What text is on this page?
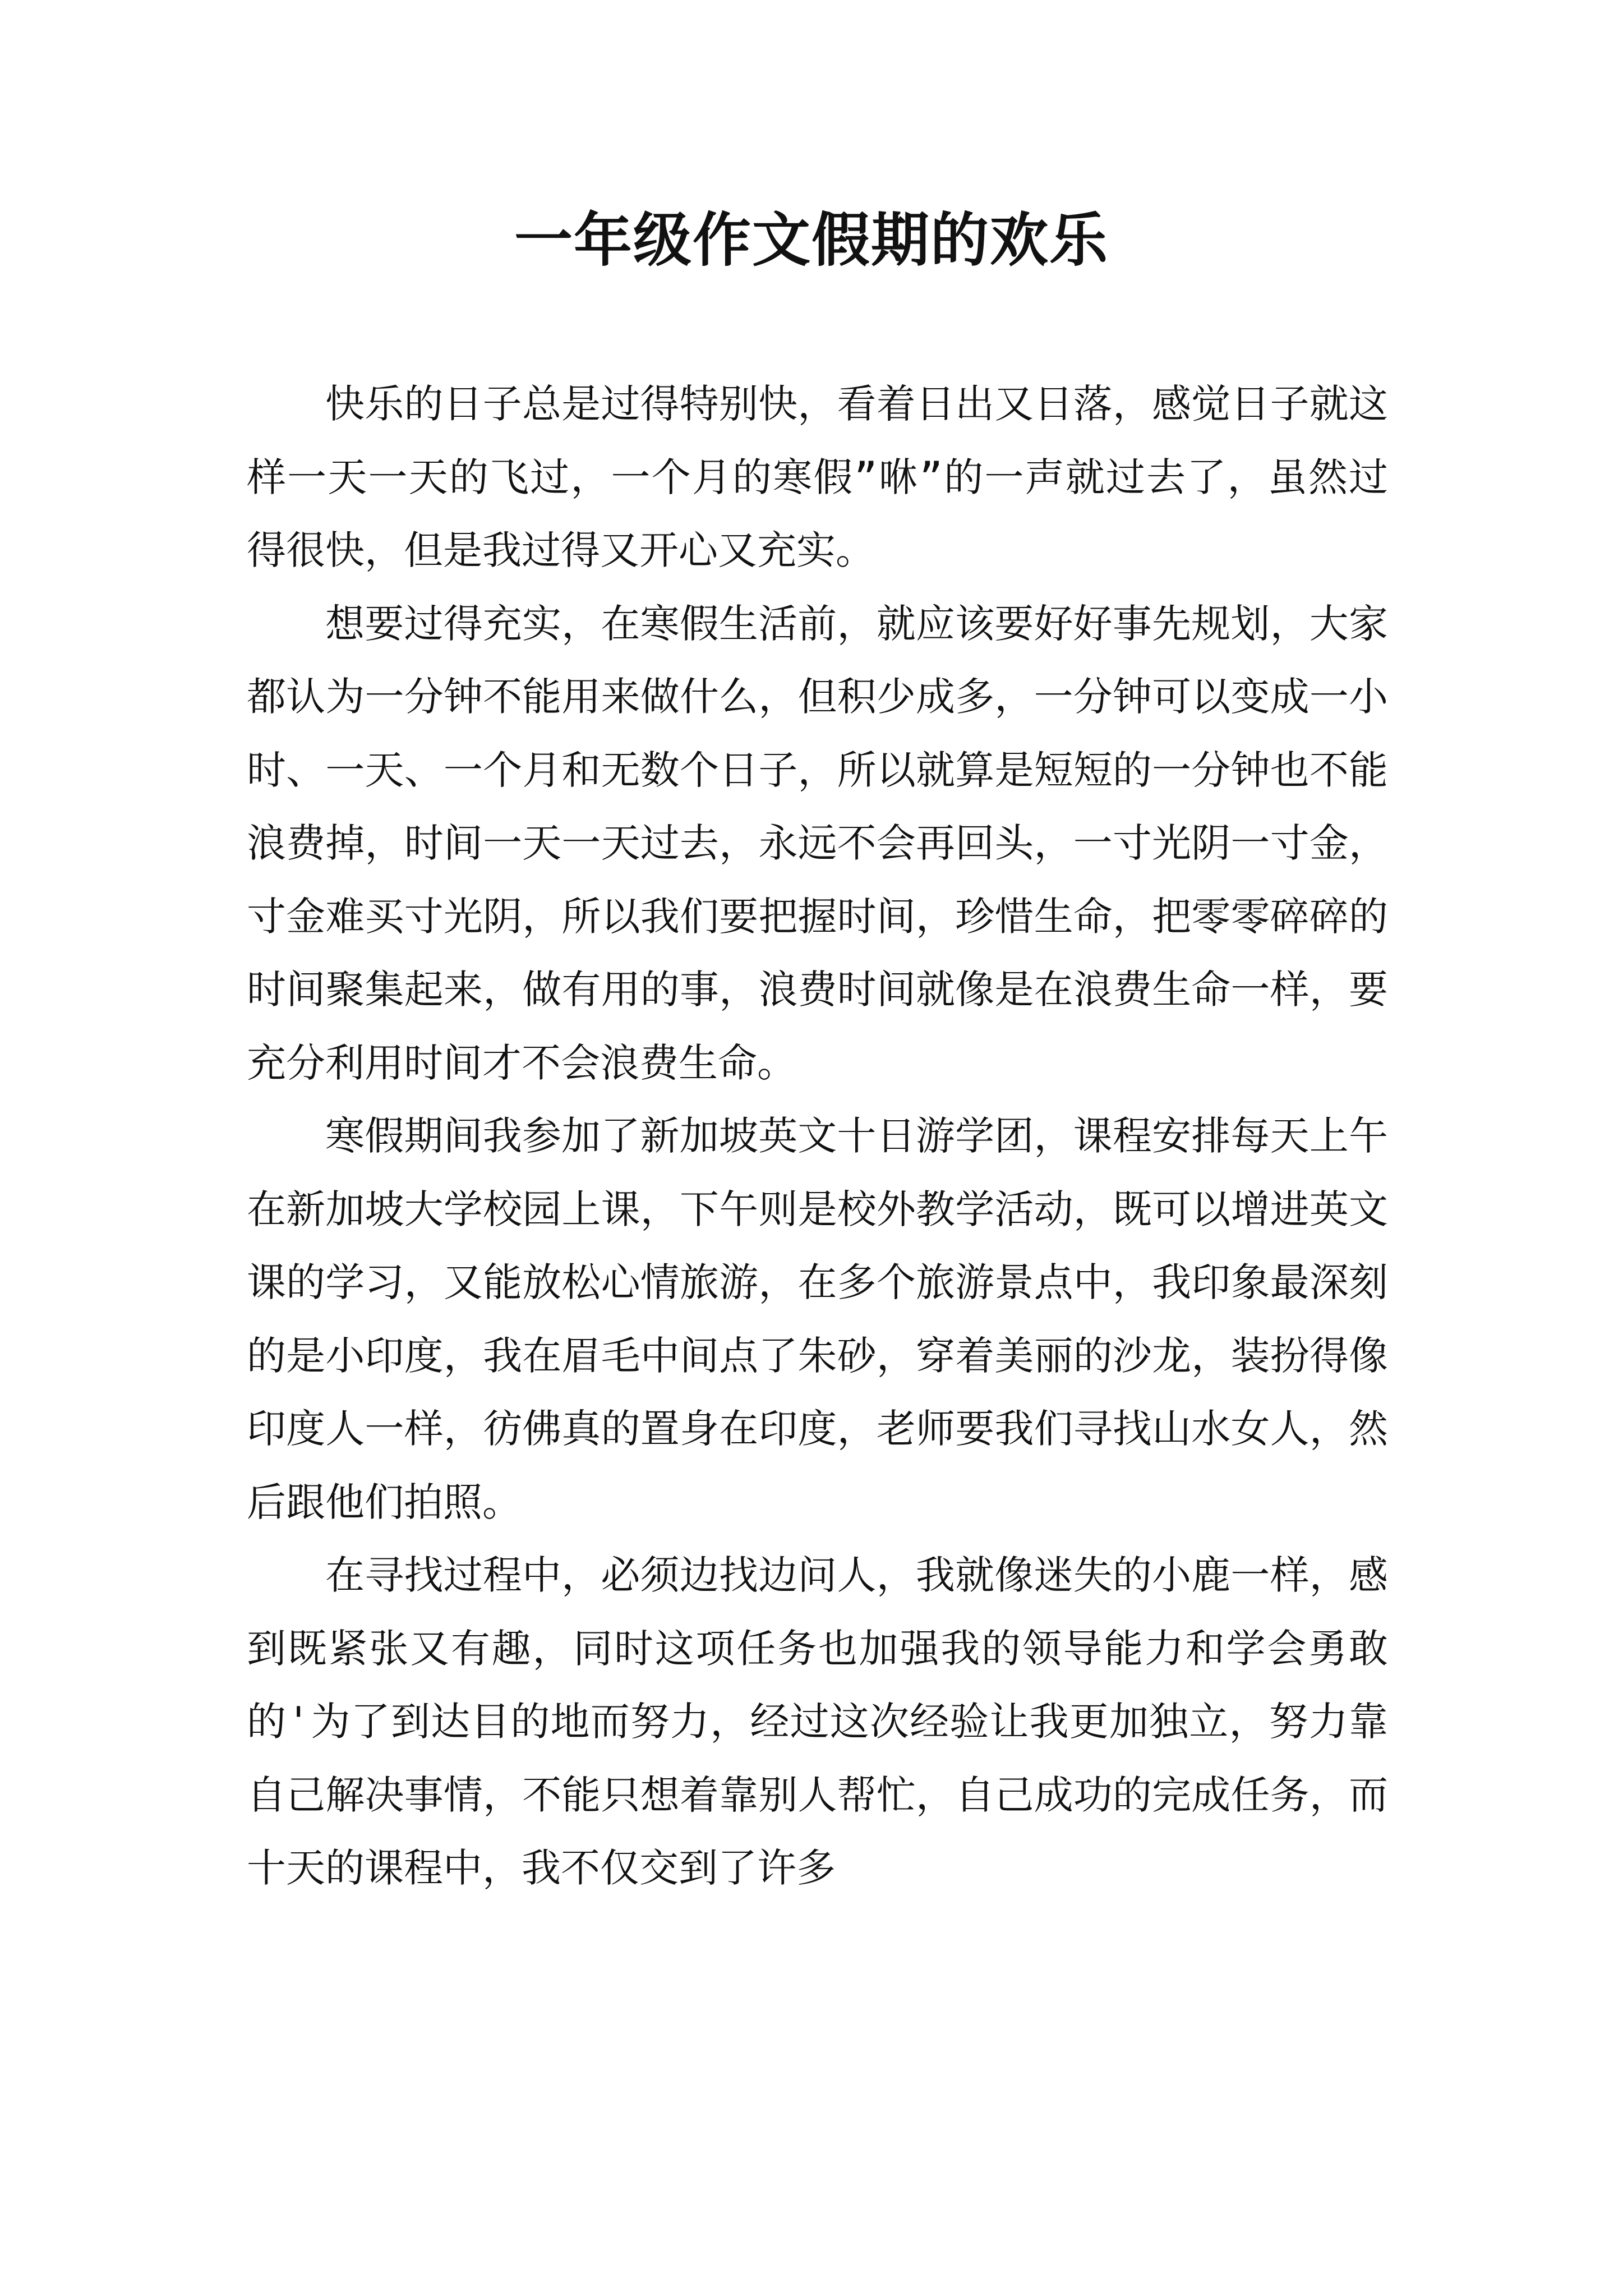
一年级作文假期的欢乐

快乐的日子总是过得特别快，看着日出又日落，感觉日子就这样一天一天的飞过，一个月的寒假”咻”的一声就过去了，虽然过得很快，但是我过得又开心又充实。

想要过得充实，在寒假生活前，就应该要好好事先规划，大家都认为一分钟不能用来做什么，但积少成多，一分钟可以变成一小时、一天、一个月和无数个日子，所以就算是短短的一分钟也不能浪费掉，时间一天一天过去，永远不会再回头，一寸光阴一寸金，寸金难买寸光阴，所以我们要把握时间，珍惜生命，把零零碎碎的时间聚集起来，做有用的事，浪费时间就像是在浪费生命一样，要充分利用时间才不会浪费生命。

寒假期间我参加了新加坡英文十日游学团，课程安排每天上午在新加坡大学校园上课，下午则是校外教学活动，既可以增进英文课的学习，又能放松心情旅游，在多个旅游景点中，我印象最深刻的是小印度，我在眉毛中间点了朱砂，穿着美丽的沙龙，装扮得像印度人一样，彷佛真的置身在印度，老师要我们寻找山水女人，然后跟他们拍照。

在寻找过程中，必须边找边问人，我就像迷失的小鹿一样，感到既紧张又有趣，同时这项任务也加强我的领导能力和学会勇敢的'为了到达目的地而努力，经过这次经验让我更加独立，努力靠自己解决事情，不能只想着靠别人帮忙，自己成功的完成任务，而十天的课程中，我不仅交到了许多
